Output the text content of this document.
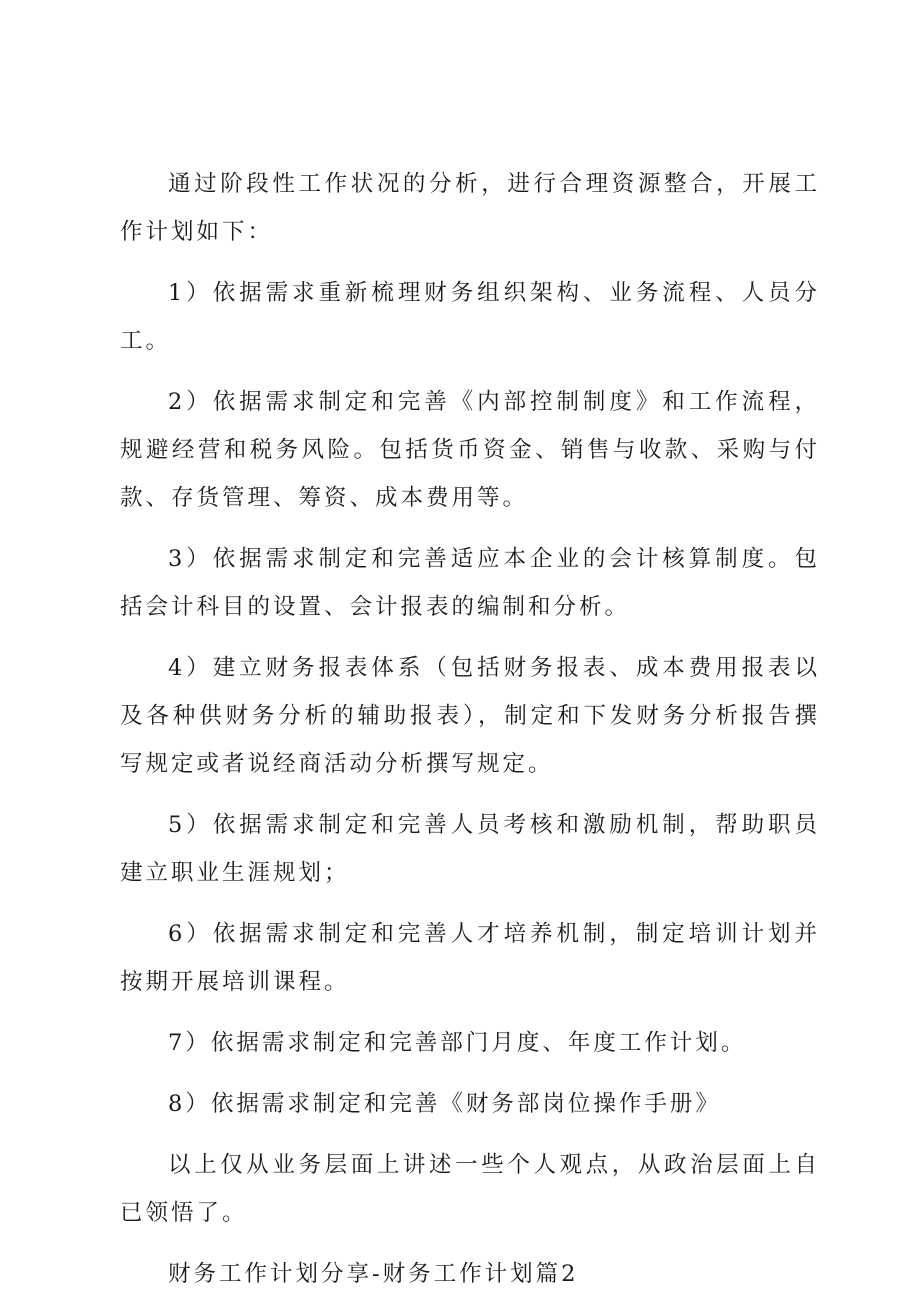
通过阶段性工作状况的分析，进行合理资源整合，开展工作计划如下：

1）依据需求重新梳理财务组织架构、业务流程、人员分工。

2）依据需求制定和完善《内部控制制度》和工作流程，规避经营和税务风险。包括货币资金、销售与收款、采购与付款、存货管理、筹资、成本费用等。

3）依据需求制定和完善适应本企业的会计核算制度。包括会计科目的设置、会计报表的编制和分析。

4）建立财务报表体系（包括财务报表、成本费用报表以及各种供财务分析的辅助报表），制定和下发财务分析报告撰写规定或者说经商活动分析撰写规定。

5）依据需求制定和完善人员考核和激励机制，帮助职员建立职业生涯规划；

6）依据需求制定和完善人才培养机制，制定培训计划并按期开展培训课程。

7）依据需求制定和完善部门月度、年度工作计划。

8）依据需求制定和完善《财务部岗位操作手册》

以上仅从业务层面上讲述一些个人观点，从政治层面上自已领悟了。

财务工作计划分享-财务工作计划篇2
